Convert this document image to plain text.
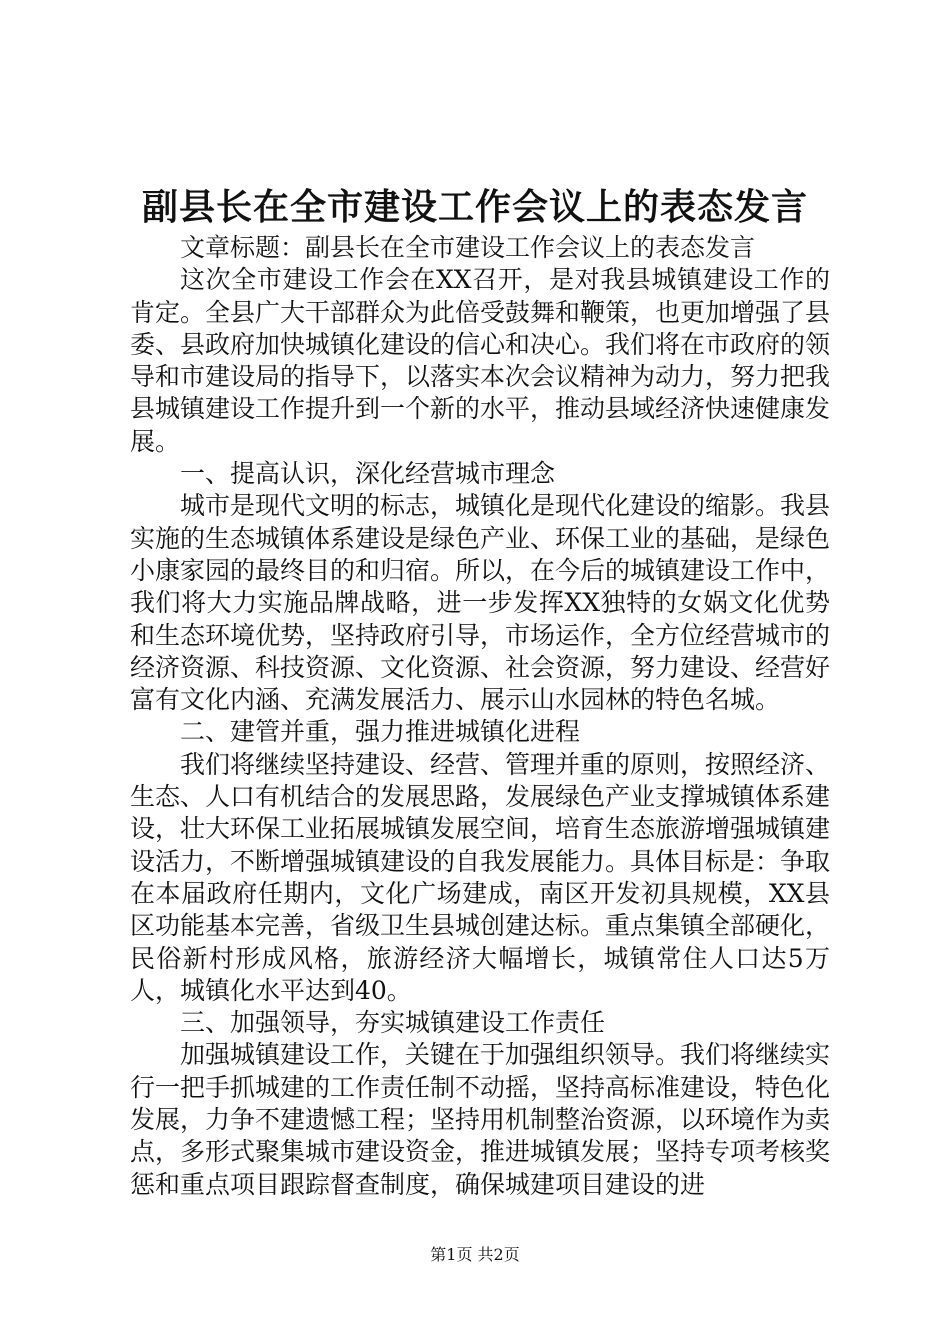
副县长在全市建设工作会议上的表态发言

文章标题：副县长在全市建设工作会议上的表态发言

这次全市建设工作会在XX召开，是对我县城镇建设工作的肯定。全县广大干部群众为此倍受鼓舞和鞭策，也更加增强了县委、县政府加快城镇化建设的信心和决心。我们将在市政府的领导和市建设局的指导下，以落实本次会议精神为动力，努力把我县城镇建设工作提升到一个新的水平，推动县域经济快速健康发展。

一、提高认识，深化经营城市理念

城市是现代文明的标志，城镇化是现代化建设的缩影。我县实施的生态城镇体系建设是绿色产业、环保工业的基础，是绿色小康家园的最终目的和归宿。所以，在今后的城镇建设工作中，我们将大力实施品牌战略，进一步发挥XX独特的女娲文化优势和生态环境优势，坚持政府引导，市场运作，全方位经营城市的经济资源、科技资源、文化资源、社会资源，努力建设、经营好富有文化内涵、充满发展活力、展示山水园林的特色名城。

二、建管并重，强力推进城镇化进程

我们将继续坚持建设、经营、管理并重的原则，按照经济、生态、人口有机结合的发展思路，发展绿色产业支撑城镇体系建设，壮大环保工业拓展城镇发展空间，培育生态旅游增强城镇建设活力，不断增强城镇建设的自我发展能力。具体目标是：争取在本届政府任期内，文化广场建成，南区开发初具规模，XX县区功能基本完善，省级卫生县城创建达标。重点集镇全部硬化，民俗新村形成风格，旅游经济大幅增长，城镇常住人口达5万人，城镇化水平达到40。

三、加强领导，夯实城镇建设工作责任

加强城镇建设工作，关键在于加强组织领导。我们将继续实行一把手抓城建的工作责任制不动摇，坚持高标准建设，特色化发展，力争不建遗憾工程；坚持用机制整治资源，以环境作为卖点，多形式聚集城市建设资金，推进城镇发展；坚持专项考核奖惩和重点项目跟踪督查制度，确保城建项目建设的进

第1页 共2页
